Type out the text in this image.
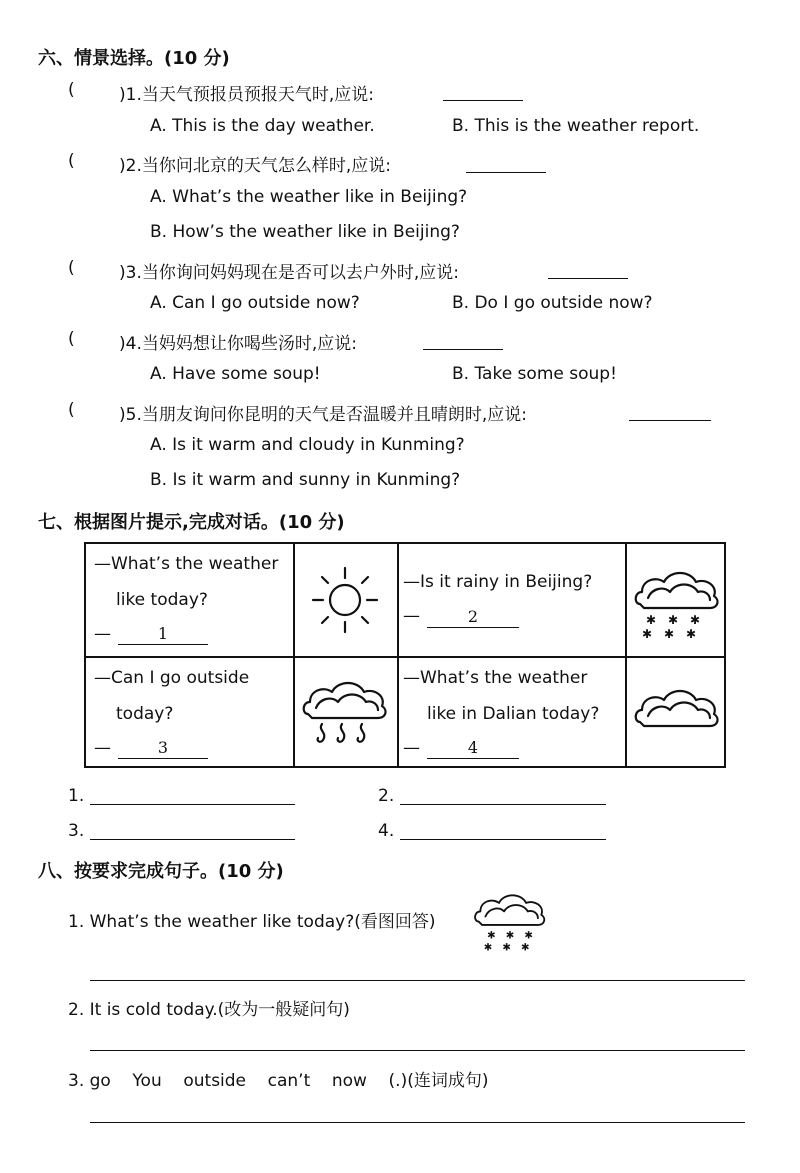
六、情景选择。(10 分)
(	)1.当天气预报员预报天气时,应说:
A. This is the day weather.	B. This is the weather report.
(	)2.当你问北京的天气怎么样时,应说:
A. What’s the weather like in Beijing?
B. How’s the weather like in Beijing?
(	)3.当你询问妈妈现在是否可以去户外时,应说:
A. Can I go outside now?	B. Do I go outside now?
(	)4.当妈妈想让你喝些汤时,应说:
A. Have some soup!	B. Take some soup!
(	)5.当朋友询问你昆明的天气是否温暖并且晴朗时,应说:
A. Is it warm and cloudy in Kunming?
B. Is it warm and sunny in Kunming?
七、根据图片提示,完成对话。(10 分)
—What’s the weather
like today?
—	1
—Is it rainy in Beijing?
—	2	✱ ✱ ✱
✱ ✱ ✱
—Can I go outside
today?
—	3
—What’s the weather
like in Dalian today?
—	4
1.	2.
3.	4.
八、按要求完成句子。(10 分)
1. What’s the weather like today?(看图回答)
✱ ✱ ✱
✱ ✱ ✱
2. It is cold today.(改为一般疑问句)
3. go    You    outside    can’t    now    (.)(连词成句)
